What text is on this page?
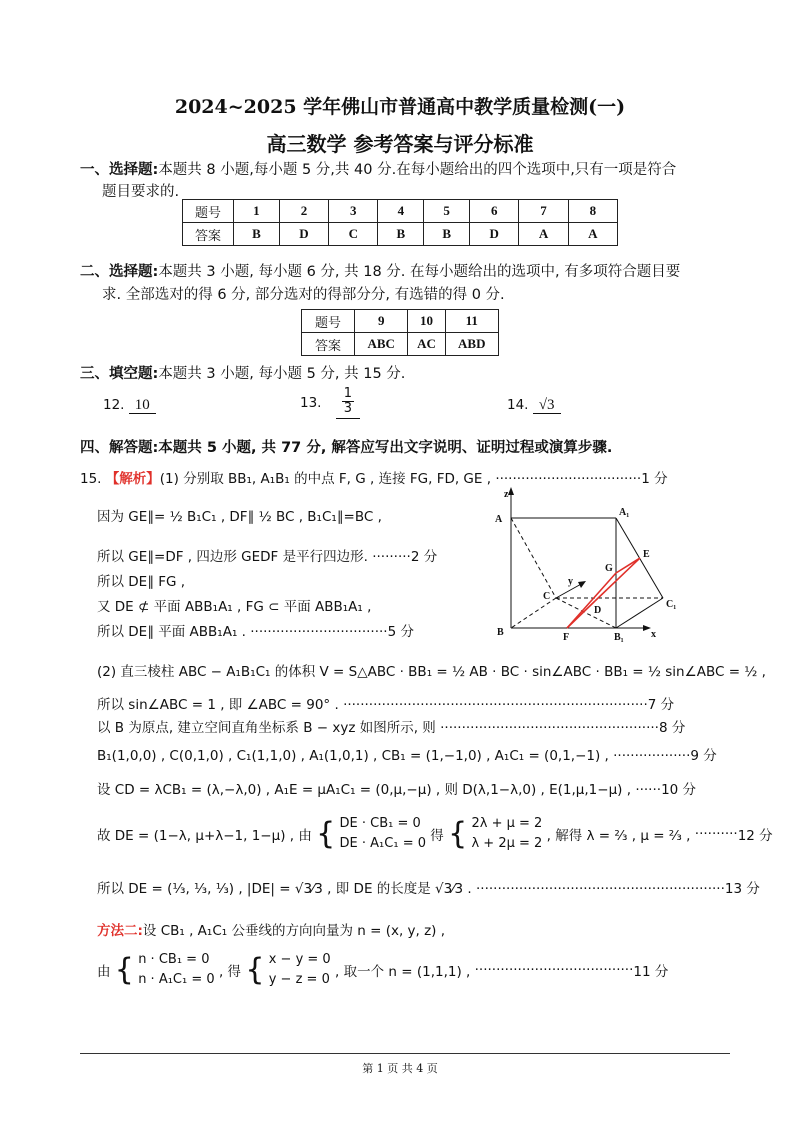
2024~2025 学年佛山市普通高中教学质量检测(一)
高三数学 参考答案与评分标准
一、选择题:本题共 8 小题,每小题 5 分,共 40 分.在每小题给出的四个选项中,只有一项是符合
题目要求的.
题号	1	2	3	4	5	6	7	8
答案	B	D	C	B	B	D	A	A
二、选择题:本题共 3 小题, 每小题 6 分, 共 18 分. 在每小题给出的选项中, 有多项符合题目要
求. 全部选对的得 6 分, 部分选对的得部分分, 有选错的得 0 分.
题号	9	10	11
答案	ABC	AC	ABD
三、填空题:本题共 3 小题, 每小题 5 分, 共 15 分.
12. 10	13. $\frac{1}{3}$	14. √3
四、解答题:本题共 5 小题, 共 77 分, 解答应写出文字说明、证明过程或演算步骤.
15. 【解析】(1) 分别取 BB₁, A₁B₁ 的中点 F, G , 连接 FG, FD, GE , ··································1 分
因为 GE∥= ½ B₁C₁ , DF∥ ½ BC , B₁C₁∥=BC ,
所以 GE∥=DF , 四边形 GEDF 是平行四边形. ·········2 分
所以 DE∥ FG ,
又 DE ⊄ 平面 ABB₁A₁ , FG ⊂ 平面 ABB₁A₁ ,
所以 DE∥ 平面 ABB₁A₁ . ································5 分
z
A
A₁
E
G
y
C
D
C₁
B	F	B₁	x
(2) 直三棱柱 ABC − A₁B₁C₁ 的体积 V = S△ABC · BB₁ = ½ AB · BC · sin∠ABC · BB₁ = ½ sin∠ABC = ½ ,
所以 sin∠ABC = 1 , 即 ∠ABC = 90° . ·······································································7 分
以 B 为原点, 建立空间直角坐标系 B − xyz 如图所示, 则 ···················································8 分
B₁(1,0,0) , C(0,1,0) , C₁(1,1,0) , A₁(1,0,1) , CB₁ = (1,−1,0) , A₁C₁ = (0,1,−1) , ··················9 分
设 CD = λCB₁ = (λ,−λ,0) , A₁E = μA₁C₁ = (0,μ,−μ) , 则 D(λ,1−λ,0) , E(1,μ,1−μ) , ······10 分
故 DE = (1−λ, μ+λ−1, 1−μ) , 由 { DE · CB₁ = 0
DE · A₁C₁ = 0 得 { 2λ + μ = 2
λ + 2μ = 2 , 解得 λ = ⅔ , μ = ⅔ , ··········12 分
所以 DE = (⅓, ⅓, ⅓) , |DE| = √3⁄3 , 即 DE 的长度是 √3⁄3 . ··························································13 分
方法二:设 CB₁ , A₁C₁ 公垂线的方向向量为 n = (x, y, z) ,
由 { n · CB₁ = 0
n · A₁C₁ = 0 , 得 { x − y = 0
y − z = 0 , 取一个 n = (1,1,1) , ·····································11 分
第 1 页 共 4 页
